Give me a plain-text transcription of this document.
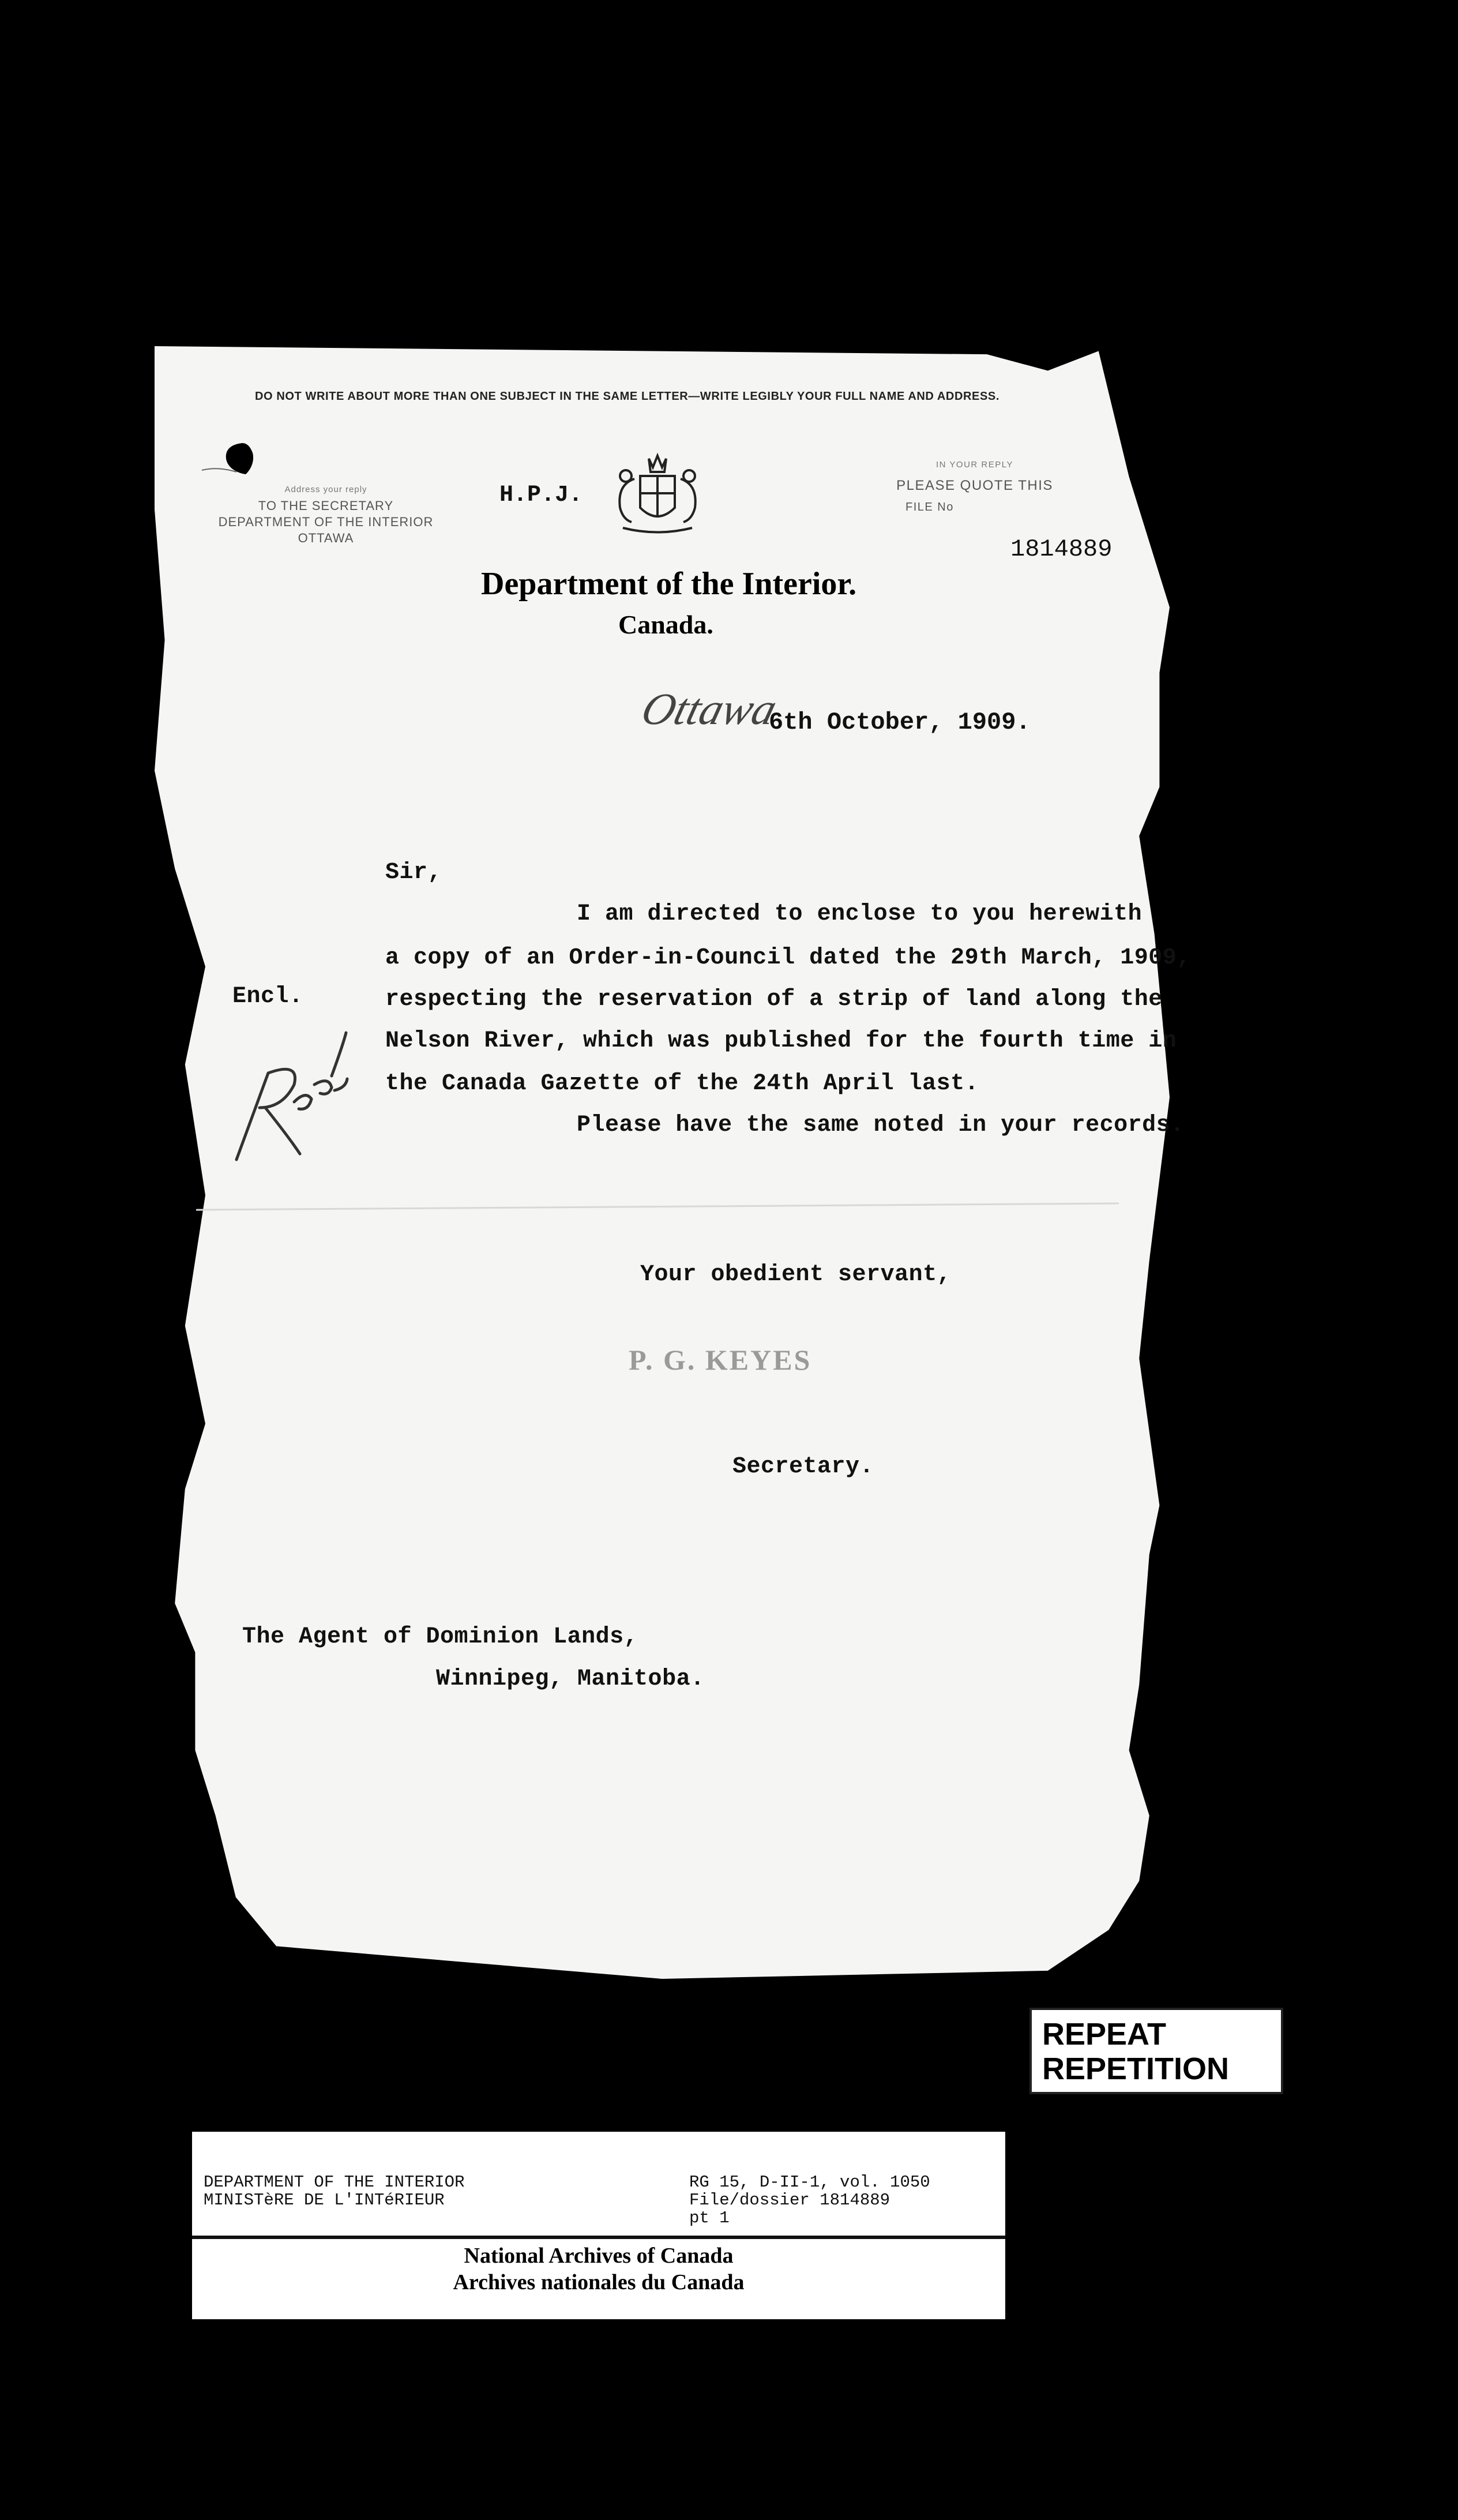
DO NOT WRITE ABOUT MORE THAN ONE SUBJECT IN THE SAME LETTER—WRITE LEGIBLY YOUR FULL NAME AND ADDRESS.
Address your reply
TO THE SECRETARY
DEPARTMENT OF THE INTERIOR
OTTAWA
H.P.J.
IN YOUR REPLY
PLEASE QUOTE THIS
FILE No
1814889
Department of the Interior.
Canada.
Ottawa
6th October, 1909.
Sir,
I am directed to enclose to you herewith
a copy of an Order-in-Council dated the 29th March, 1909,
respecting the reservation of a strip of land along the
Nelson River, which was published for the fourth time in
the Canada Gazette of the 24th April last.
Please have the same noted in your records.
Encl.
Your obedient servant,
P. G. KEYES
Secretary.
The Agent of Dominion Lands,
Winnipeg, Manitoba.
REPEAT
REPETITION
DEPARTMENT OF THE INTERIOR
MINISTèRE DE L'INTéRIEUR
RG 15, D-II-1, vol. 1050
File/dossier 1814889
pt 1
National Archives of Canada
Archives nationales du Canada
